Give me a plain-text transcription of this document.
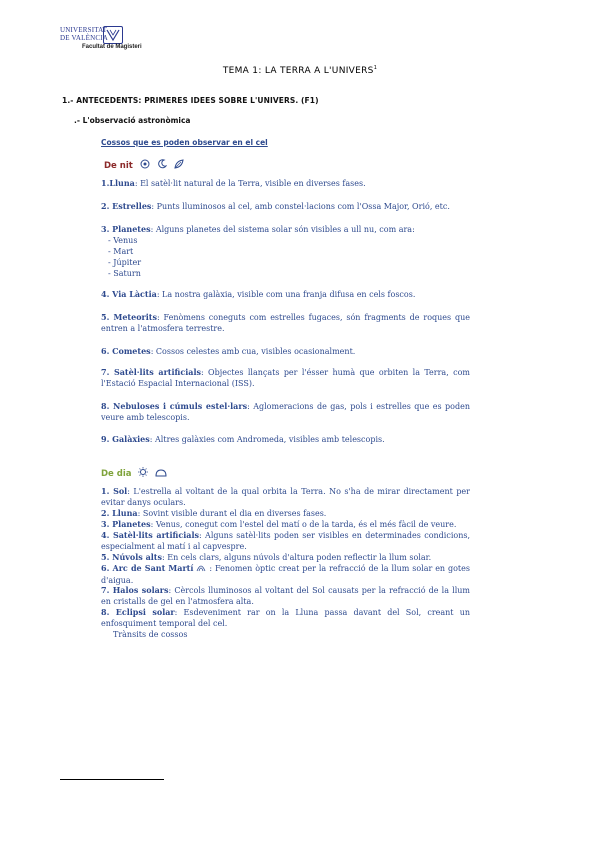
UNIVERSITAT
DE VALÈNCIA
Facultat de Magisteri
TEMA 1: LA TERRA A L'UNIVERS$^1$
1.- ANTECEDENTS: PRIMERES IDEES SOBRE L'UNIVERS. (F1)
.- L'observació astronòmica
Cossos que es poden observar en el cel
De nit
1.Lluna: El satèl·lit natural de la Terra, visible en diverses fases.
2. Estrelles: Punts lluminosos al cel, amb constel·lacions com l'Ossa Major, Orió, etc.
3. Planetes: Alguns planetes del sistema solar són visibles a ull nu, com ara:
- Venus
- Mart
- Júpiter
- Saturn
4. Via Làctia: La nostra galàxia, visible com una franja difusa en cels foscos.
5. Meteorits: Fenòmens coneguts com estrelles fugaces, són fragments de roques que entren a l'atmosfera terrestre.
6. Cometes: Cossos celestes amb cua, visibles ocasionalment.
7. Satèl·lits artificials: Objectes llançats per l'ésser humà que orbiten la Terra, com l'Estació Espacial Internacional (ISS).
8. Nebuloses i cúmuls estel·lars: Aglomeracions de gas, pols i estrelles que es poden veure amb telescopis.
9. Galàxies: Altres galàxies com Andromeda, visibles amb telescopis.
De dia
1. Sol: L'estrella al voltant de la qual orbita la Terra. No s'ha de mirar directament per evitar danys oculars.
2. Lluna: Sovint visible durant el dia en diverses fases.
3. Planetes: Venus, conegut com l'estel del matí o de la tarda, és el més fàcil de veure.
4. Satèl·lits artificials: Alguns satèl·lits poden ser visibles en determinades condicions, especialment al matí i al capvespre.
5. Núvols alts: En cels clars, alguns núvols d'altura poden reflectir la llum solar.
6. Arc de Sant Martí : Fenomen òptic creat per la refracció de la llum solar en gotes d'aigua.
7. Halos solars: Cèrcols lluminosos al voltant del Sol causats per la refracció de la llum en cristalls de gel en l'atmosfera alta.
8. Eclipsi solar: Esdeveniment rar on la Lluna passa davant del Sol, creant un enfosquiment temporal del cel.
Trànsits de cossos
